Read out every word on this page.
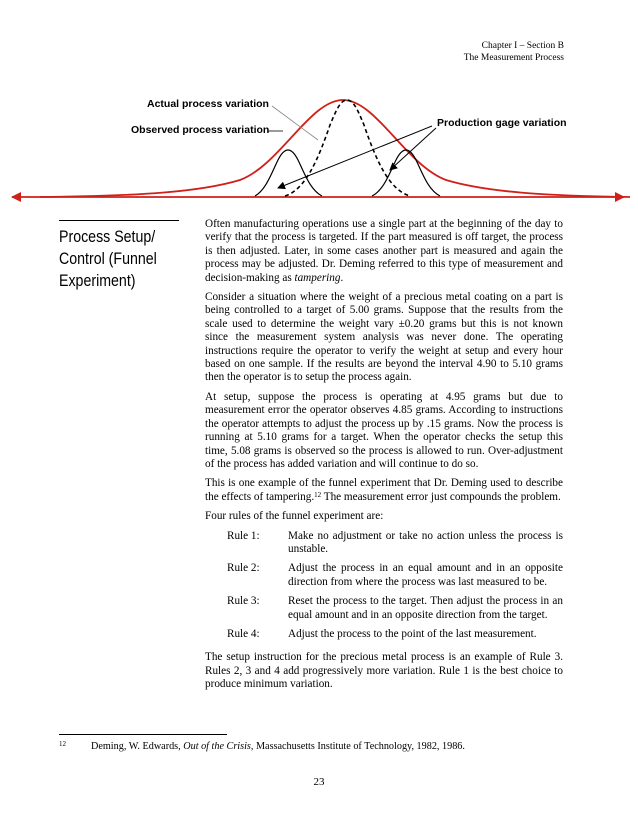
Chapter I – Section B
The Measurement Process
Actual process variation
Observed process variation
Production gage variation
Process Setup/ Control (Funnel Experiment)

Often manufacturing operations use a single part at the beginning of the day to verify that the process is targeted. If the part measured is off target, the process is then adjusted. Later, in some cases another part is measured and again the process may be adjusted. Dr. Deming referred to this type of measurement and decision-making as tampering.

Consider a situation where the weight of a precious metal coating on a part is being controlled to a target of 5.00 grams. Suppose that the results from the scale used to determine the weight vary ±0.20 grams but this is not known since the measurement system analysis was never done. The operating instructions require the operator to verify the weight at setup and every hour based on one sample. If the results are beyond the interval 4.90 to 5.10 grams then the operator is to setup the process again.

At setup, suppose the process is operating at 4.95 grams but due to measurement error the operator observes 4.85 grams. According to instructions the operator attempts to adjust the process up by .15 grams. Now the process is running at 5.10 grams for a target. When the operator checks the setup this time, 5.08 grams is observed so the process is allowed to run. Over-adjustment of the process has added variation and will continue to do so.

This is one example of the funnel experiment that Dr. Deming used to describe the effects of tampering.$^{12}$ The measurement error just compounds the problem.

Four rules of the funnel experiment are:

Rule 1:	Make no adjustment or take no action unless the process is unstable.
Rule 2:	Adjust the process in an equal amount and in an opposite direction from where the process was last measured to be.
Rule 3:	Reset the process to the target. Then adjust the process in an equal amount and in an opposite direction from the target.
Rule 4:	Adjust the process to the point of the last measurement.

The setup instruction for the precious metal process is an example of Rule 3. Rules 2, 3 and 4 add progressively more variation. Rule 1 is the best choice to produce minimum variation.

$^{12}$ Deming, W. Edwards, Out of the Crisis, Massachusetts Institute of Technology, 1982, 1986.
23
